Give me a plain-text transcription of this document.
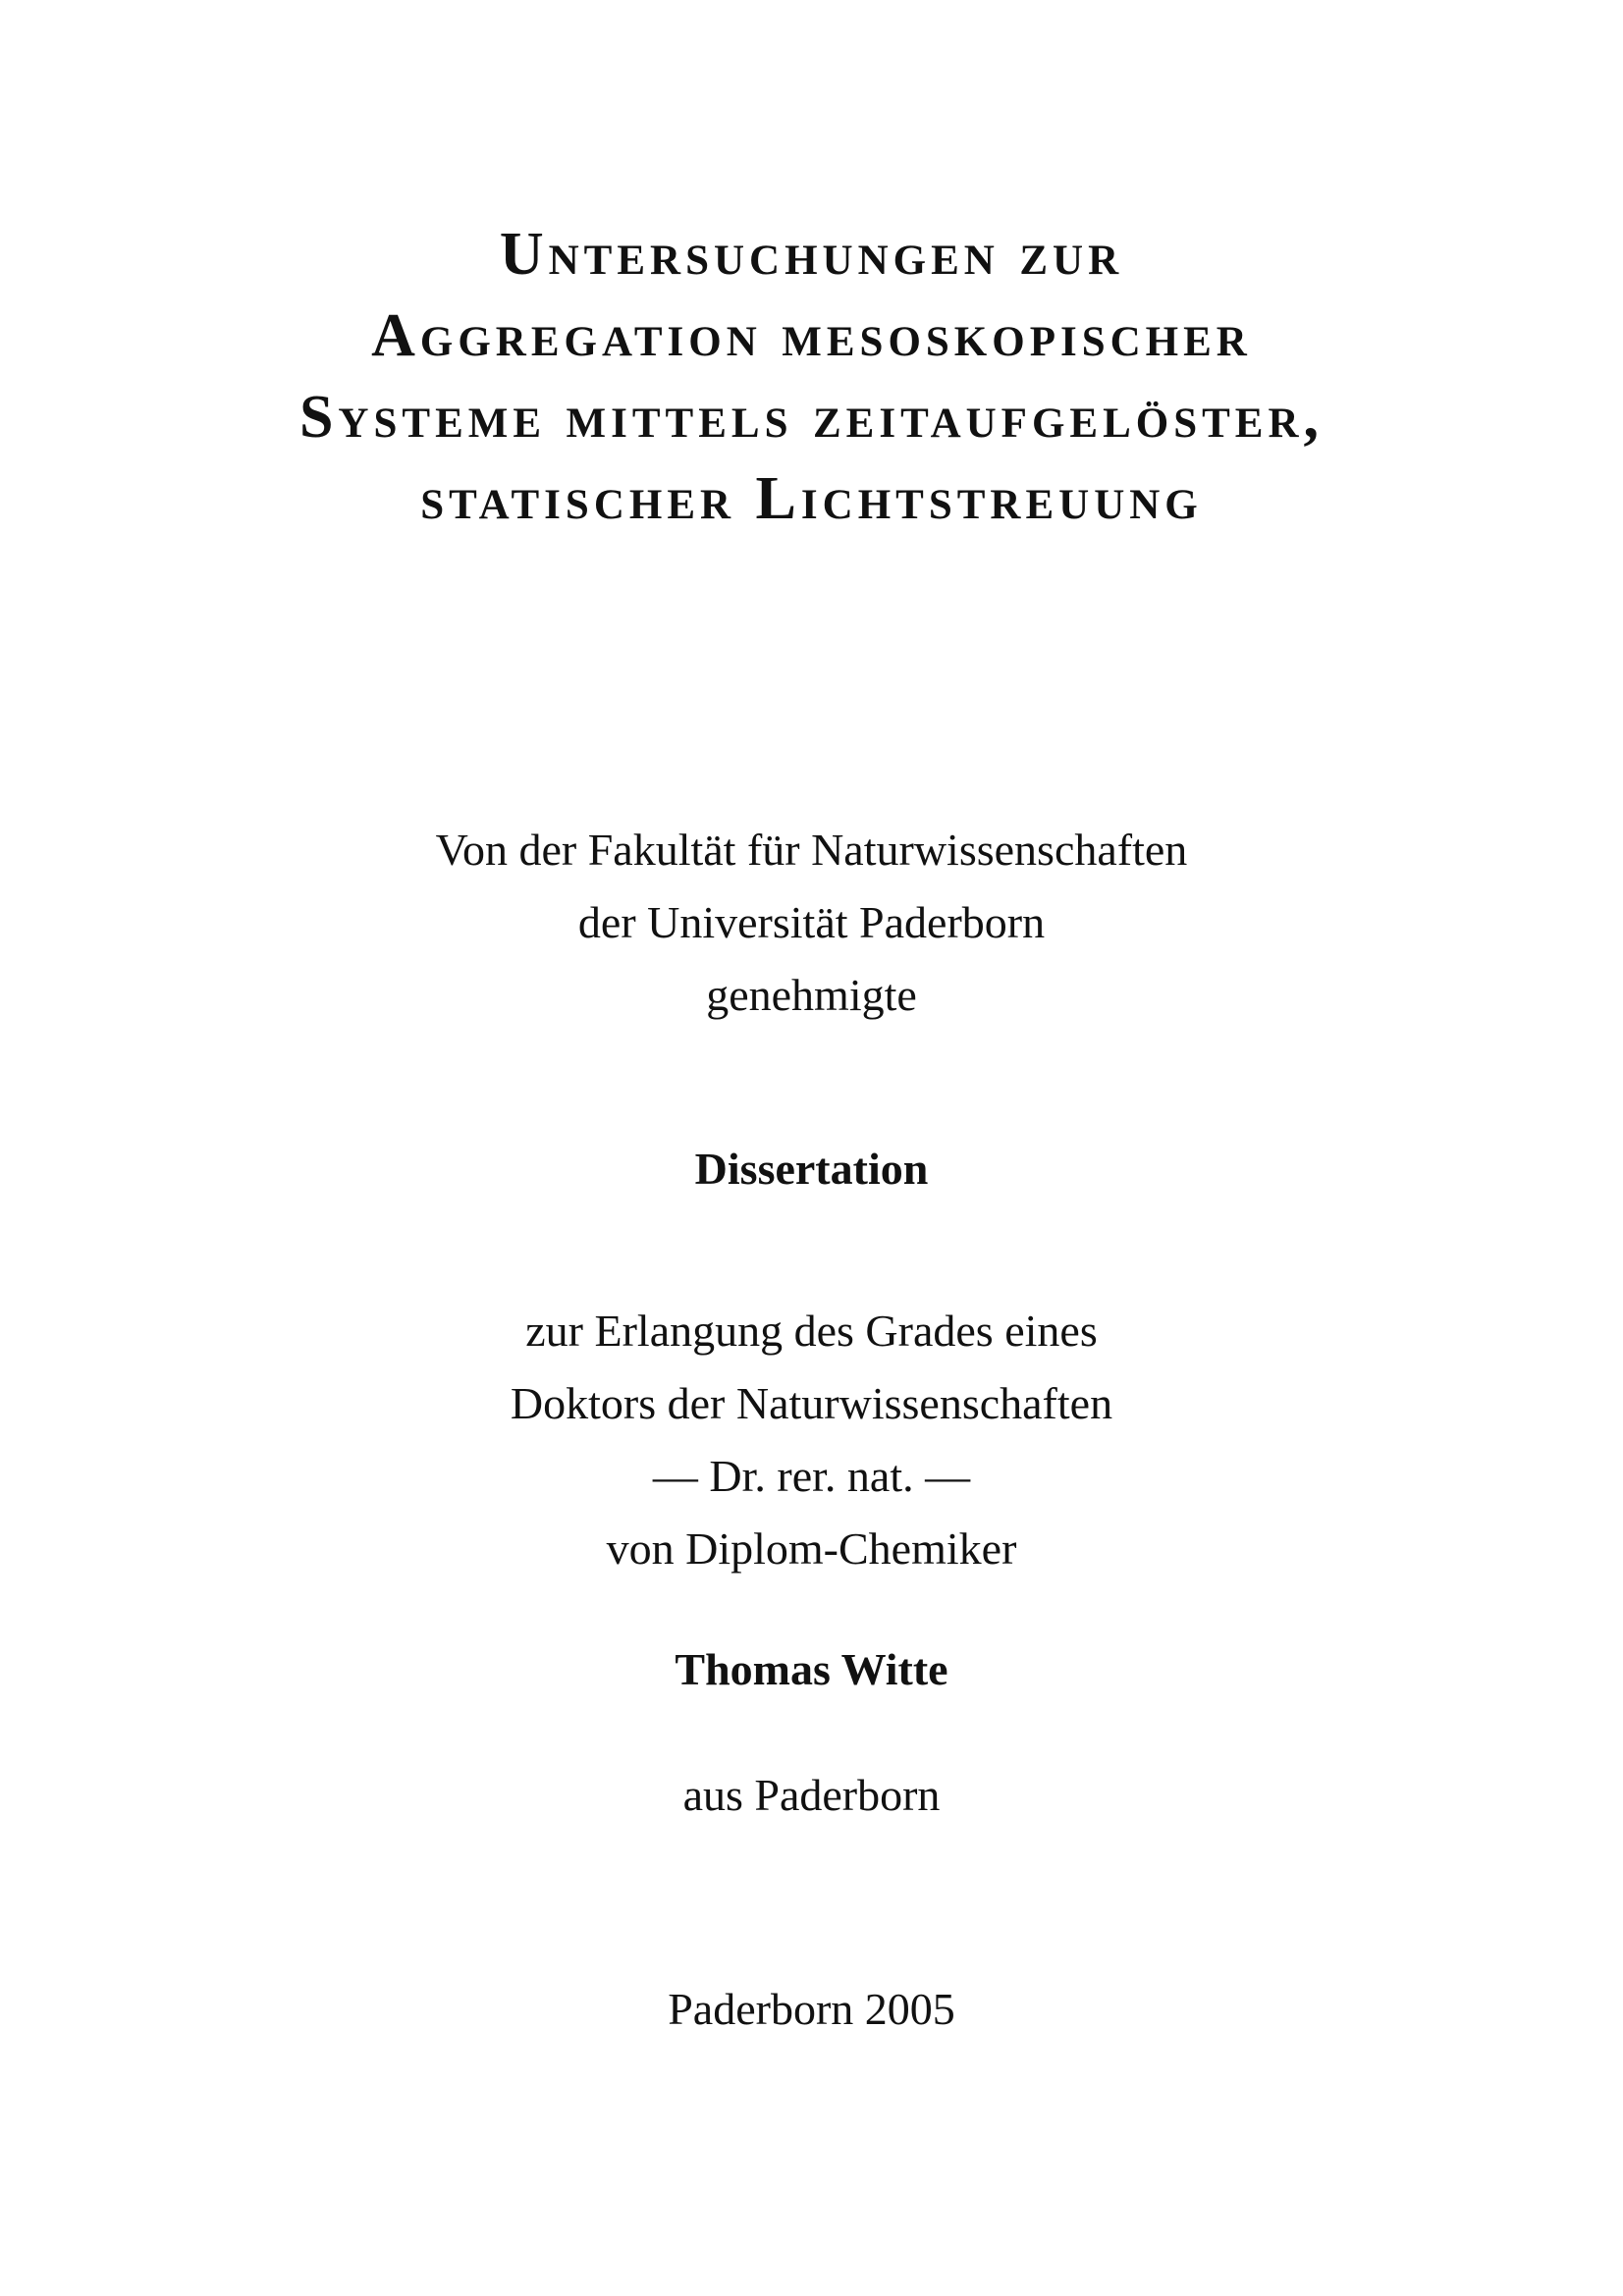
Untersuchungen zur
Aggregation mesoskopischer
Systeme mittels zeitaufgelöster,
statischer Lichtstreuung
Von der Fakultät für Naturwissenschaften
der Universität Paderborn
genehmigte
Dissertation
zur Erlangung des Grades eines
Doktors der Naturwissenschaften
— Dr. rer. nat. —
von Diplom-Chemiker
Thomas Witte
aus Paderborn
Paderborn 2005
